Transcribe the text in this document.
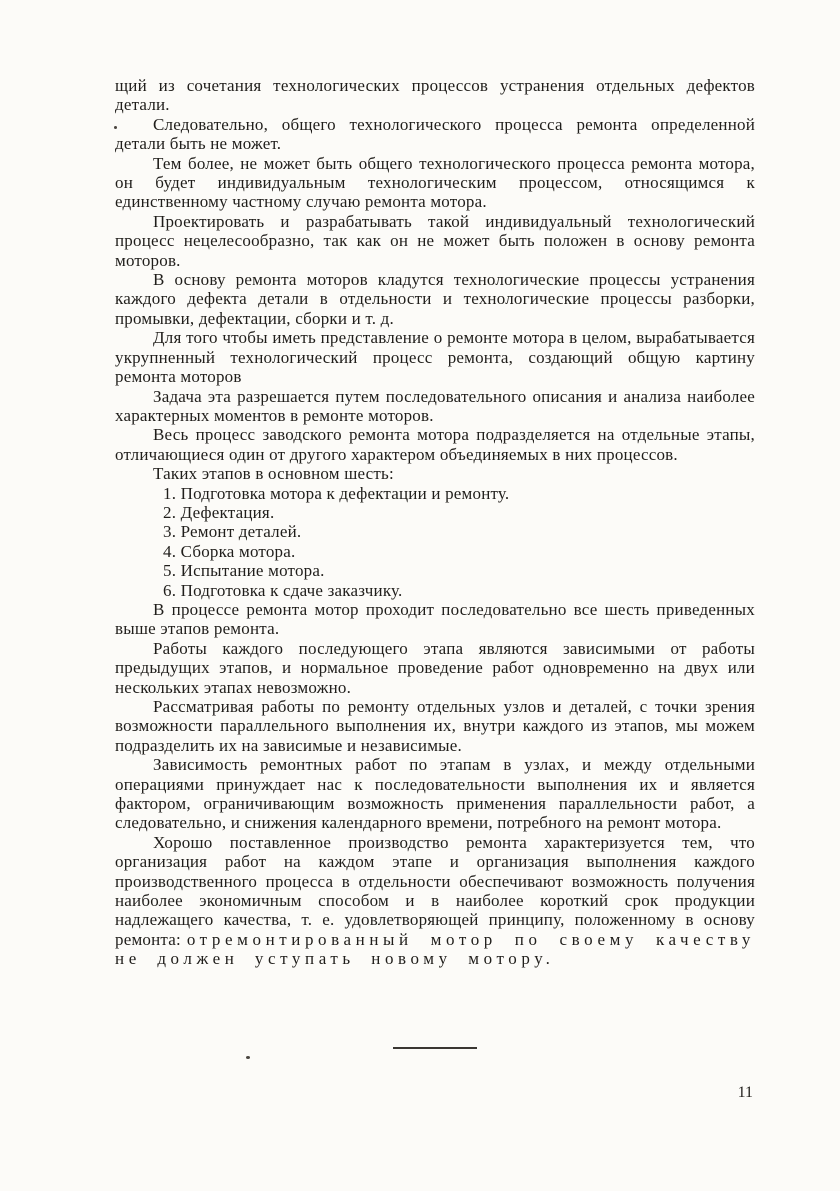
щий из сочетания технологических процессов устранения отдельных дефектов детали.

Следовательно, общего технологического процесса ремонта определенной детали быть не может.

Тем более, не может быть общего технологического процесса ремонта мотора, он будет индивидуальным технологическим процессом, относящимся к единственному частному случаю ремонта мотора.

Проектировать и разрабатывать такой индивидуальный технологический процесс нецелесообразно, так как он не может быть положен в основу ремонта моторов.

В основу ремонта моторов кладутся технологические процессы устранения каждого дефекта детали в отдельности и технологические процессы разборки, промывки, дефектации, сборки и т. д.

Для того чтобы иметь представление о ремонте мотора в целом, вырабатывается укрупненный технологический процесс ремонта, создающий общую картину ремонта моторов

Задача эта разрешается путем последовательного описания и анализа наиболее характерных моментов в ремонте моторов.

Весь процесс заводского ремонта мотора подразделяется на отдельные этапы, отличающиеся один от другого характером объединяемых в них процессов.

Таких этапов в основном шесть:

1. Подготовка мотора к дефектации и ремонту.

2. Дефектация.

3. Ремонт деталей.

4. Сборка мотора.

5. Испытание мотора.

6. Подготовка к сдаче заказчику.

В процессе ремонта мотор проходит последовательно все шесть приведенных выше этапов ремонта.

Работы каждого последующего этапа являются зависимыми от работы предыдущих этапов, и нормальное проведение работ одновременно на двух или нескольких этапах невозможно.

Рассматривая работы по ремонту отдельных узлов и деталей, с точки зрения возможности параллельного выполнения их, внутри каждого из этапов, мы можем подразделить их на зависимые и независимые.

Зависимость ремонтных работ по этапам в узлах, и между отдельными операциями принуждает нас к последовательности выполнения их и является фактором, ограничивающим возможность применения параллельности работ, а следовательно, и снижения календарного времени, потребного на ремонт мотора.

Хорошо поставленное производство ремонта характеризуется тем, что организация работ на каждом этапе и организация выполнения каждого производственного процесса в отдельности обеспечивают возможность получения наиболее экономичным способом и в наиболее короткий срок продукции надлежащего качества, т. е. удовлетворяющей принципу, положенному в основу ремонта: отремонтированный мотор по своему качеству не должен уступать новому мотору.

11
